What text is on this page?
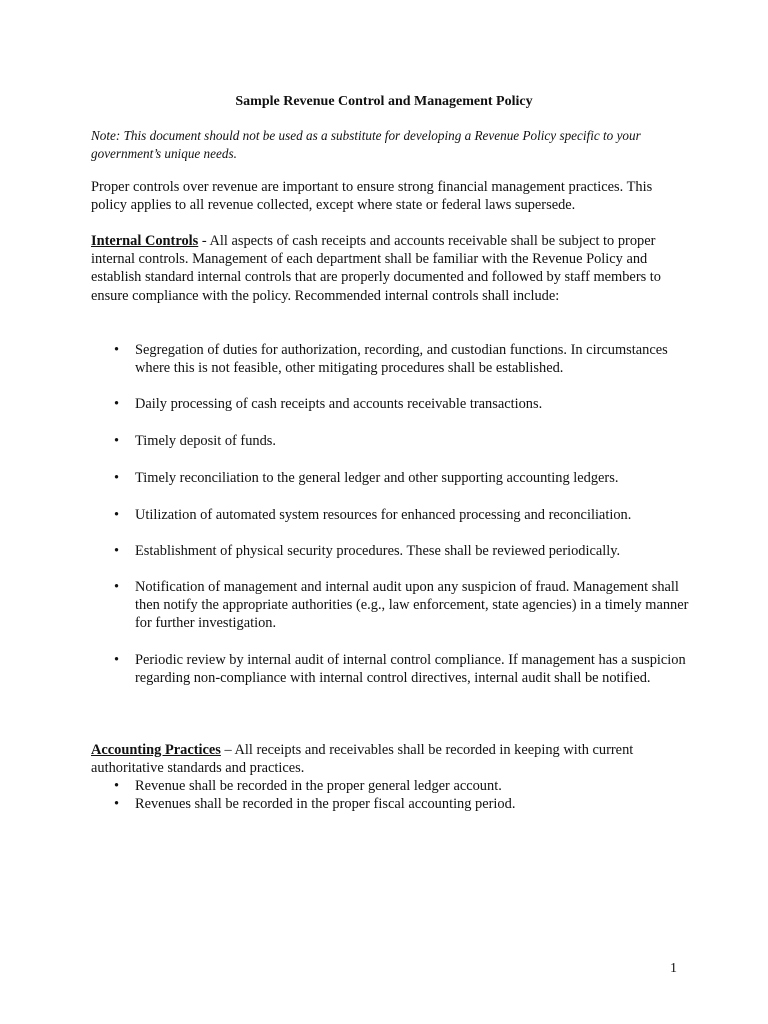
Sample Revenue Control and Management Policy
Note: This document should not be used as a substitute for developing a Revenue Policy specific to your government’s unique needs.
Proper controls over revenue are important to ensure strong financial management practices. This policy applies to all revenue collected, except where state or federal laws supersede.
Internal Controls - All aspects of cash receipts and accounts receivable shall be subject to proper internal controls. Management of each department shall be familiar with the Revenue Policy and establish standard internal controls that are properly documented and followed by staff members to ensure compliance with the policy. Recommended internal controls shall include:
• Segregation of duties for authorization, recording, and custodian functions. In circumstances where this is not feasible, other mitigating procedures shall be established.
• Daily processing of cash receipts and accounts receivable transactions.
• Timely deposit of funds.
• Timely reconciliation to the general ledger and other supporting accounting ledgers.
• Utilization of automated system resources for enhanced processing and reconciliation.
• Establishment of physical security procedures. These shall be reviewed periodically.
• Notification of management and internal audit upon any suspicion of fraud. Management shall then notify the appropriate authorities (e.g., law enforcement, state agencies) in a timely manner for further investigation.
• Periodic review by internal audit of internal control compliance. If management has a suspicion regarding non-compliance with internal control directives, internal audit shall be notified.
Accounting Practices – All receipts and receivables shall be recorded in keeping with current authoritative standards and practices.
• Revenue shall be recorded in the proper general ledger account.
• Revenues shall be recorded in the proper fiscal accounting period.
1
